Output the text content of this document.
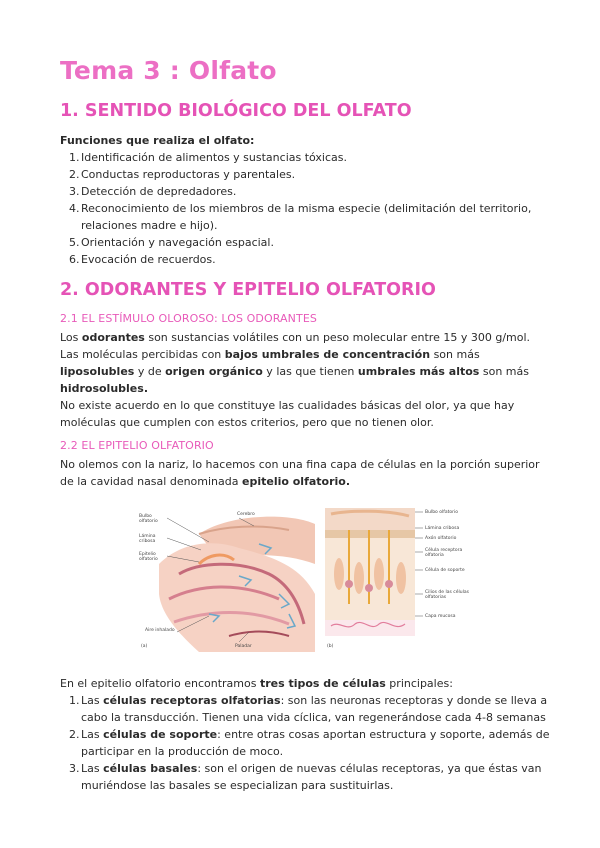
Tema 3 : Olfato
1. SENTIDO BIOLÓGICO DEL OLFATO
Funciones que realiza el olfato:
1. Identificación de alimentos y sustancias tóxicas.
2. Conductas reproductoras y parentales.
3. Detección de depredadores.
4. Reconocimiento de los miembros de la misma especie (delimitación del territorio, relaciones madre e hijo).
5. Orientación y navegación espacial.
6. Evocación de recuerdos.
2. ODORANTES Y EPITELIO OLFATORIO
2.1 EL ESTÍMULO OLOROSO: LOS ODORANTES

Los odorantes son sustancias volátiles con un peso molecular entre 15 y 300 g/mol.

Las moléculas percibidas con bajos umbrales de concentración son más liposolubles y de origen orgánico y las que tienen umbrales más altos son más hidrosolubles.

No existe acuerdo en lo que constituye las cualidades básicas del olor, ya que hay moléculas que cumplen con estos criterios, pero que no tienen olor.

2.2 EL EPITELIO OLFATORIO

No olemos con la nariz, lo hacemos con una fina capa de células en la porción superior de la cavidad nasal denominada epitelio olfatorio.

Bulbo olfatorio
Lámina cribosa
Epitelio olfatorio
Aire inhalado
Paladar
Cerebro
(a)
Bulbo olfatorio
Lámina cribosa
Axón olfatorio
Célula receptora olfatoria
Célula de soporte
Cilios de las células olfatorias
Capa mucosa
(b)

En el epitelio olfatorio encontramos tres tipos de células principales:

1. Las células receptoras olfatorias: son las neuronas receptoras y donde se lleva a cabo la transducción. Tienen una vida cíclica, van regenerándose cada 4-8 semanas
2. Las células de soporte: entre otras cosas aportan estructura y soporte, además de participar en la producción de moco.
3. Las células basales: son el origen de nuevas células receptoras, ya que éstas van muriéndose las basales se especializan para sustituirlas.
